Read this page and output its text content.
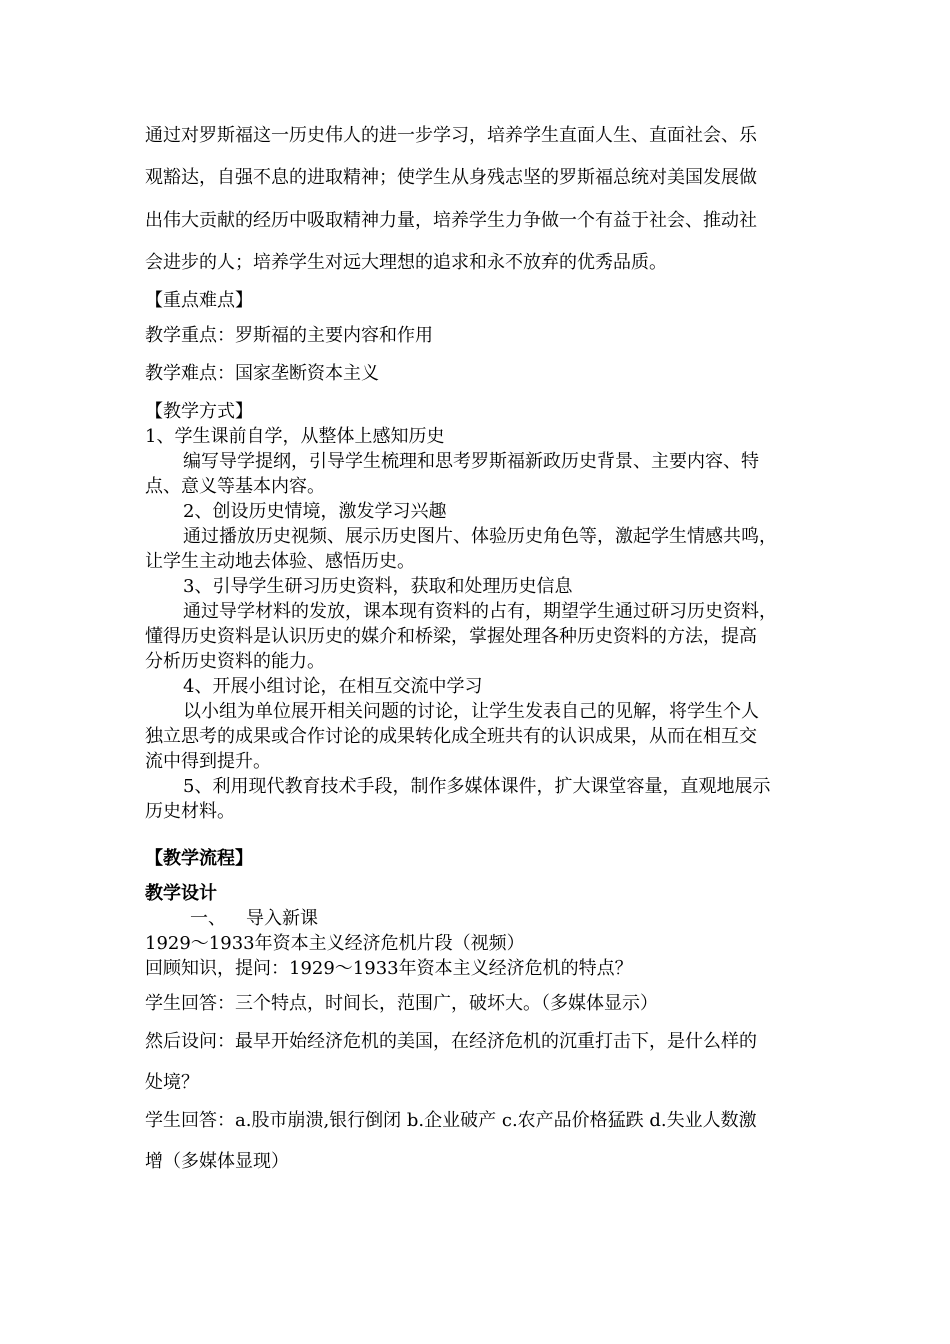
通过对罗斯福这一历史伟人的进一步学习，培养学生直面人生、直面社会、乐
观豁达，自强不息的进取精神；使学生从身残志坚的罗斯福总统对美国发展做
出伟大贡献的经历中吸取精神力量，培养学生力争做一个有益于社会、推动社
会进步的人；培养学生对远大理想的追求和永不放弃的优秀品质。
【重点难点】
教学重点：罗斯福的主要内容和作用
教学难点：国家垄断资本主义
【教学方式】
1、学生课前自学，从整体上感知历史
编写导学提纲，引导学生梳理和思考罗斯福新政历史背景、主要内容、特
点、意义等基本内容。
2、创设历史情境，激发学习兴趣
通过播放历史视频、展示历史图片、体验历史角色等，激起学生情感共鸣，
让学生主动地去体验、感悟历史。
3、引导学生研习历史资料，获取和处理历史信息
通过导学材料的发放，课本现有资料的占有，期望学生通过研习历史资料，
懂得历史资料是认识历史的媒介和桥梁，掌握处理各种历史资料的方法，提高
分析历史资料的能力。
4、开展小组讨论，在相互交流中学习
以小组为单位展开相关问题的讨论，让学生发表自己的见解，将学生个人
独立思考的成果或合作讨论的成果转化成全班共有的认识成果，从而在相互交
流中得到提升。
5、利用现代教育技术手段，制作多媒体课件，扩大课堂容量，直观地展示
历史材料。
【教学流程】
教学设计
一、 导入新课
1929～1933年资本主义经济危机片段（视频）
回顾知识，提问：1929～1933年资本主义经济危机的特点？
学生回答：三个特点，时间长，范围广，破坏大。（多媒体显示）
然后设问：最早开始经济危机的美国，在经济危机的沉重打击下，是什么样的
处境？
学生回答：a.股市崩溃,银行倒闭 b.企业破产 c.农产品价格猛跌 d.失业人数激
增（多媒体显现）
